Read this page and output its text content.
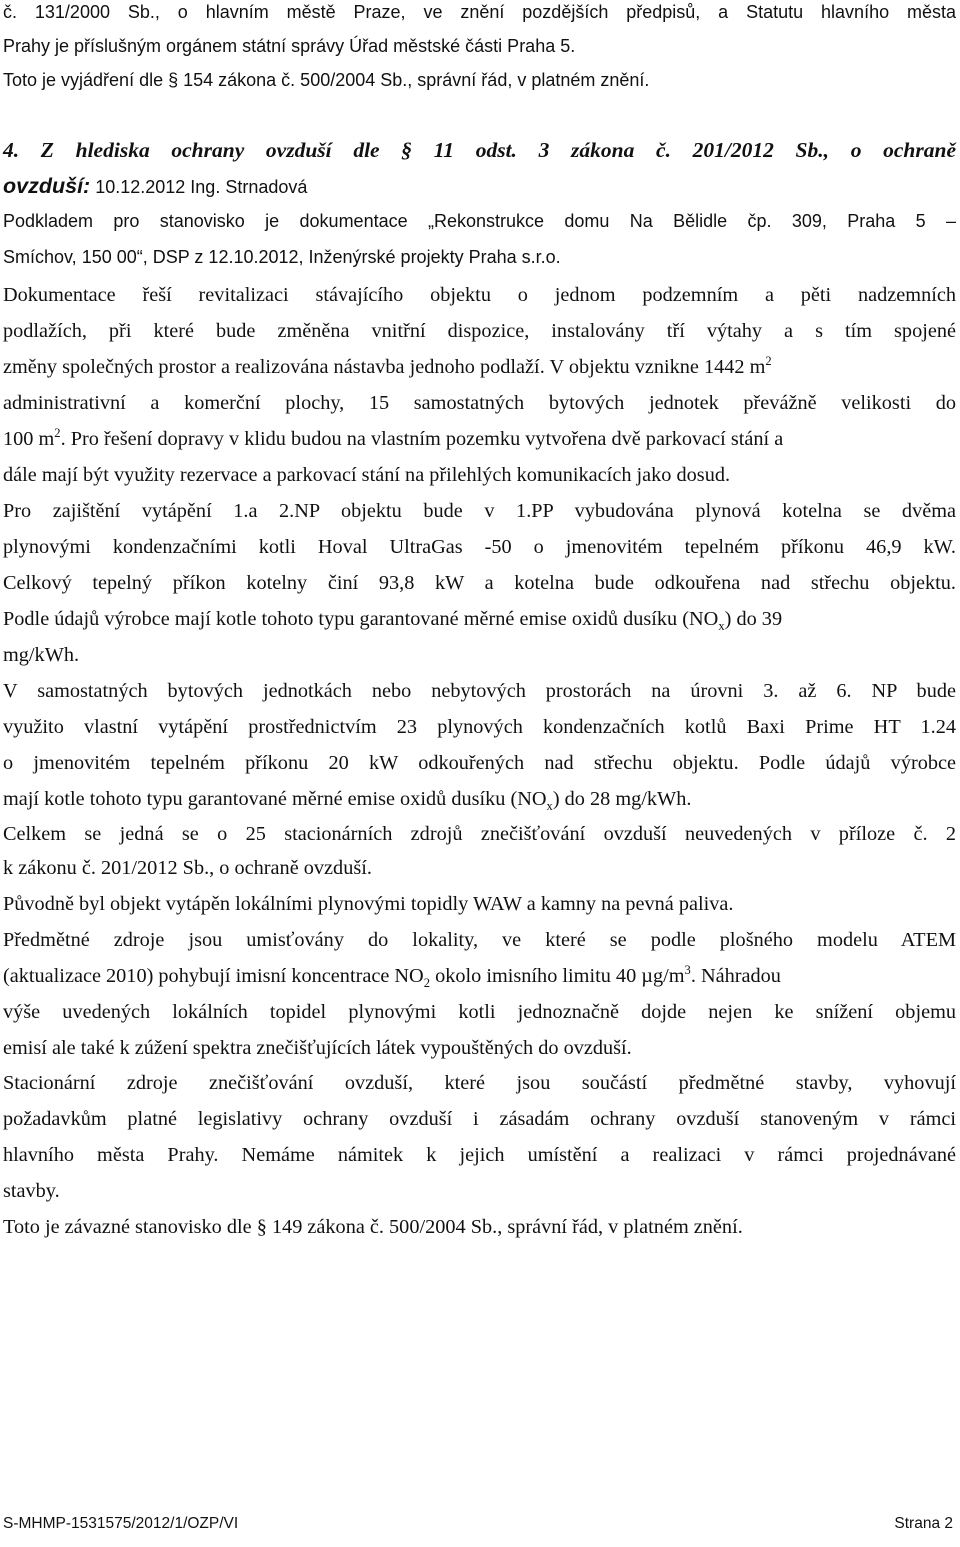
č. 131/2000 Sb., o hlavním městě Praze, ve znění pozdějších předpisů, a Statutu hlavního města

Prahy je příslušným orgánem státní správy Úřad městské části Praha 5.

Toto je vyjádření dle § 154 zákona č. 500/2004 Sb., správní řád, v platném znění.

4. Z hlediska ochrany ovzduší dle § 11 odst. 3 zákona č. 201/2012 Sb., o ochraně

ovzduší: 10.12.2012 Ing. Strnadová

Podkladem pro stanovisko je dokumentace „Rekonstrukce domu Na Bělidle čp. 309, Praha 5 –

Smíchov, 150 00“, DSP z 12.10.2012, Inženýrské projekty Praha s.r.o.

Dokumentace řeší revitalizaci stávajícího objektu o jednom podzemním a pěti nadzemních

podlažích, při které bude změněna vnitřní dispozice, instalovány tří výtahy a s tím spojené

změny společných prostor a realizována nástavba jednoho podlaží. V objektu vznikne 1442 $m^2$

administrativní a komerční plochy, 15 samostatných bytových jednotek převážně velikosti do

100 $m^2$. Pro řešení dopravy v klidu budou na vlastním pozemku vytvořena dvě parkovací stání a

dále mají být využity rezervace a parkovací stání na přilehlých komunikacích jako dosud.

Pro zajištění vytápění 1.a 2.NP objektu bude v 1.PP vybudována plynová kotelna se dvěma

plynovými kondenzačními kotli Hoval UltraGas -50 o jmenovitém tepelném příkonu 46,9 kW.

Celkový tepelný příkon kotelny činí 93,8 kW a kotelna bude odkouřena nad střechu objektu.

Podle údajů výrobce mají kotle tohoto typu garantované měrné emise oxidů dusíku $(NO_x)$ do 39

mg/kWh.

V samostatných bytových jednotkách nebo nebytových prostorách na úrovni 3. až 6. NP bude

využito vlastní vytápění prostřednictvím 23 plynových kondenzačních kotlů Baxi Prime HT 1.24

o jmenovitém tepelném příkonu 20 kW odkouřených nad střechu objektu. Podle údajů výrobce

mají kotle tohoto typu garantované měrné emise oxidů dusíku $(NO_x)$ do 28 mg/kWh.

Celkem se jedná se o 25 stacionárních zdrojů znečišťování ovzduší neuvedených v příloze č. 2

k zákonu č. 201/2012 Sb., o ochraně ovzduší.

Původně byl objekt vytápěn lokálními plynovými topidly WAW a kamny na pevná paliva.

Předmětné zdroje jsou umisťovány do lokality, ve které se podle plošného modelu ATEM

(aktualizace 2010) pohybují imisní koncentrace $NO_2$ okolo imisního limitu 40 $\mu g/m^3$. Náhradou

výše uvedených lokálních topidel plynovými kotli jednoznačně dojde nejen ke snížení objemu

emisí ale také k zúžení spektra znečišťujících látek vypouštěných do ovzduší.

Stacionární zdroje znečišťování ovzduší, které jsou součástí předmětné stavby, vyhovují

požadavkům platné legislativy ochrany ovzduší i zásadám ochrany ovzduší stanoveným v rámci

hlavního města Prahy. Nemáme námitek k jejich umístění a realizaci v rámci projednávané

stavby.

Toto je závazné stanovisko dle § 149 zákona č. 500/2004 Sb., správní řád, v platném znění.

S-MHMP-1531575/2012/1/OZP/VI	Strana 2
